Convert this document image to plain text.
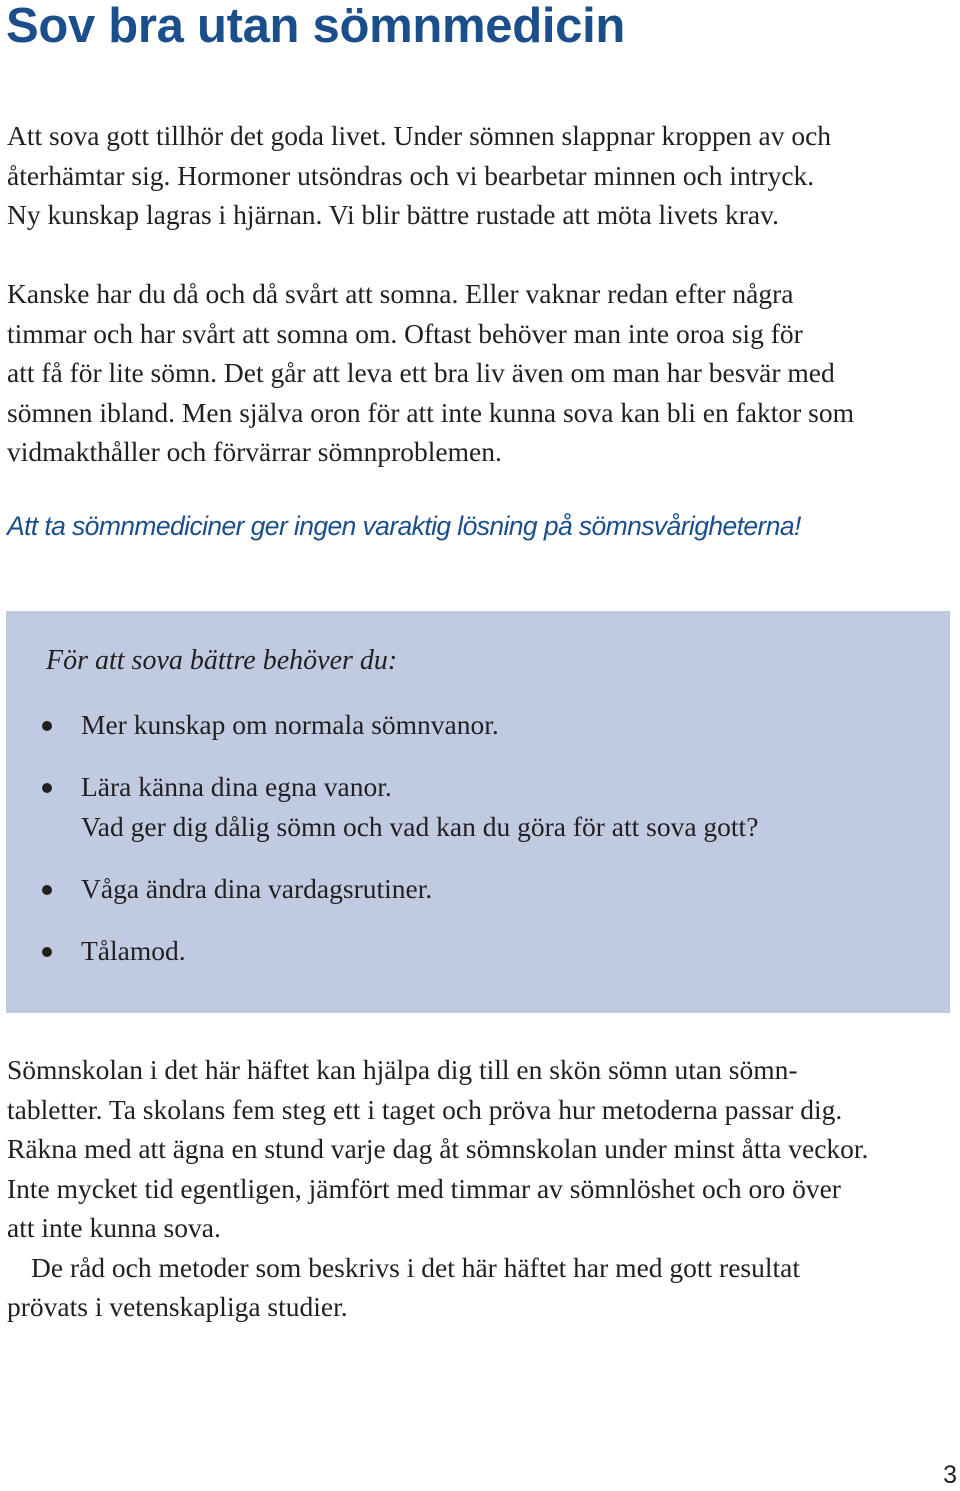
Sov bra utan sömnmedicin
Att sova gott tillhör det goda livet. Under sömnen slappnar kroppen av och
återhämtar sig. Hormoner utsöndras och vi bearbetar minnen och intryck.
Ny kunskap lagras i hjärnan. Vi blir bättre rustade att möta livets krav.
Kanske har du då och då svårt att somna. Eller vaknar redan efter några
timmar och har svårt att somna om. Oftast behöver man inte oroa sig för
att få för lite sömn. Det går att leva ett bra liv även om man har besvär med
sömnen ibland. Men själva oron för att inte kunna sova kan bli en faktor som
vidmakthåller och förvärrar sömnproblemen.

Att ta sömnmediciner ger ingen varaktig lösning på sömnsvårigheterna!

För att sova bättre behöver du:

Mer kunskap om normala sömnvanor.
Lära känna dina egna vanor.
Vad ger dig dålig sömn och vad kan du göra för att sova gott?
Våga ändra dina vardagsrutiner.
Tålamod.
Sömnskolan i det här häftet kan hjälpa dig till en skön sömn utan sömn-
tabletter. Ta skolans fem steg ett i taget och pröva hur metoderna passar dig.
Räkna med att ägna en stund varje dag åt sömnskolan under minst åtta veckor.
Inte mycket tid egentligen, jämfört med timmar av sömnlöshet och oro över
att inte kunna sova.
De råd och metoder som beskrivs i det här häftet har med gott resultat
prövats i vetenskapliga studier.

3
